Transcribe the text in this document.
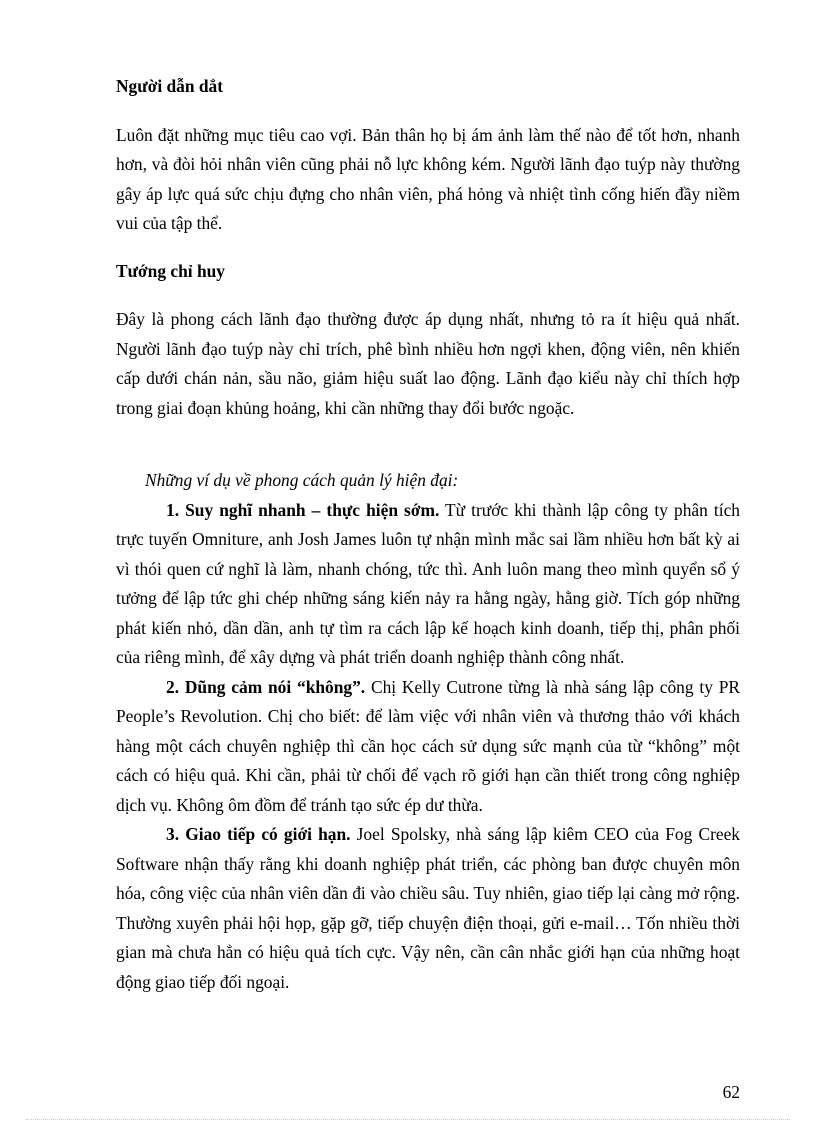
Người dẫn dắt

Luôn đặt những mục tiêu cao vợi. Bản thân họ bị ám ảnh làm thế nào để tốt hơn, nhanh hơn, và đòi hỏi nhân viên cũng phải nỗ lực không kém. Người lãnh đạo tuýp này thường gây áp lực quá sức chịu đựng cho nhân viên, phá hỏng và nhiệt tình cống hiến đầy niềm vui của tập thể.

Tướng chỉ huy

Đây là phong cách lãnh đạo thường được áp dụng nhất, nhưng tỏ ra ít hiệu quả nhất. Người lãnh đạo tuýp này chỉ trích, phê bình nhiều hơn ngợi khen, động viên, nên khiến cấp dưới chán nản, sầu não, giảm hiệu suất lao động. Lãnh đạo kiểu này chỉ thích hợp trong giai đoạn khủng hoảng, khi cần những thay đổi bước ngoặc.

Những ví dụ về phong cách quản lý hiện đại:

1. Suy nghĩ nhanh – thực hiện sớm. Từ trước khi thành lập công ty phân tích trực tuyến Omniture, anh Josh James luôn tự nhận mình mắc sai lầm nhiều hơn bất kỳ ai vì thói quen cứ nghĩ là làm, nhanh chóng, tức thì. Anh luôn mang theo mình quyển sổ ý tưởng để lập tức ghi chép những sáng kiến nảy ra hằng ngày, hằng giờ. Tích góp những phát kiến nhỏ, dần dần, anh tự tìm ra cách lập kế hoạch kinh doanh, tiếp thị, phân phối của riêng mình, để xây dựng và phát triển doanh nghiệp thành công nhất.

2. Dũng cảm nói “không”. Chị Kelly Cutrone từng là nhà sáng lập công ty PR People’s Revolution. Chị cho biết: để làm việc với nhân viên và thương thảo với khách hàng một cách chuyên nghiệp thì cần học cách sử dụng sức mạnh của từ “không” một cách có hiệu quả. Khi cần, phải từ chối để vạch rõ giới hạn cần thiết trong công nghiệp dịch vụ. Không ôm đồm để tránh tạo sức ép dư thừa.

3. Giao tiếp có giới hạn. Joel Spolsky, nhà sáng lập kiêm CEO của Fog Creek Software nhận thấy rằng khi doanh nghiệp phát triển, các phòng ban được chuyên môn hóa, công việc của nhân viên dần đi vào chiều sâu. Tuy nhiên, giao tiếp lại càng mở rộng. Thường xuyên phải hội họp, gặp gỡ, tiếp chuyện điện thoại, gửi e-mail… Tốn nhiều thời gian mà chưa hẳn có hiệu quả tích cực. Vậy nên, cần cân nhắc giới hạn của những hoạt động giao tiếp đối ngoại.

62
